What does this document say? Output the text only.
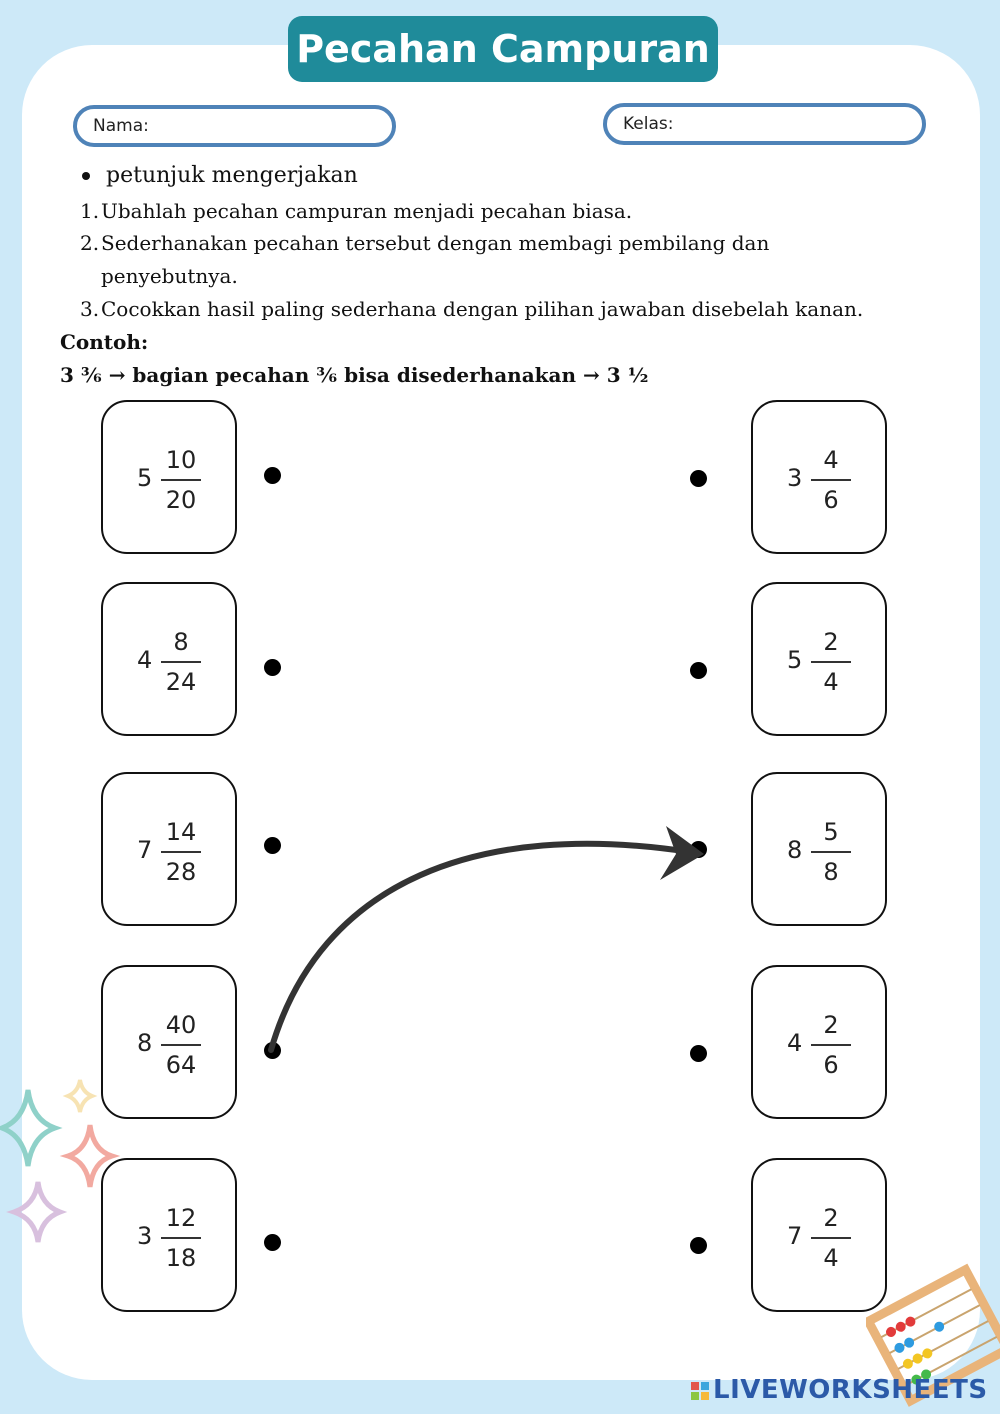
Pecahan Campuran
Nama:	Kelas:
petunjuk mengerjakan
1. Ubahlah pecahan campuran menjadi pecahan biasa.
2. Sederhanakan pecahan tersebut dengan membagi pembilang dan
penyebutnya.
3. Cocokkan hasil paling sederhana dengan pilihan jawaban disebelah kanan.
Contoh:
3 ³⁄₆ → bagian pecahan ³⁄₆ bisa disederhanakan → 3 ½
5
10
20
4
8
24
7
14
28
8
40
64
3
12
18
3
4
6
5
2
4
8
5
8
4
2
6
7
2
4
LIVEWORKSHEETS
